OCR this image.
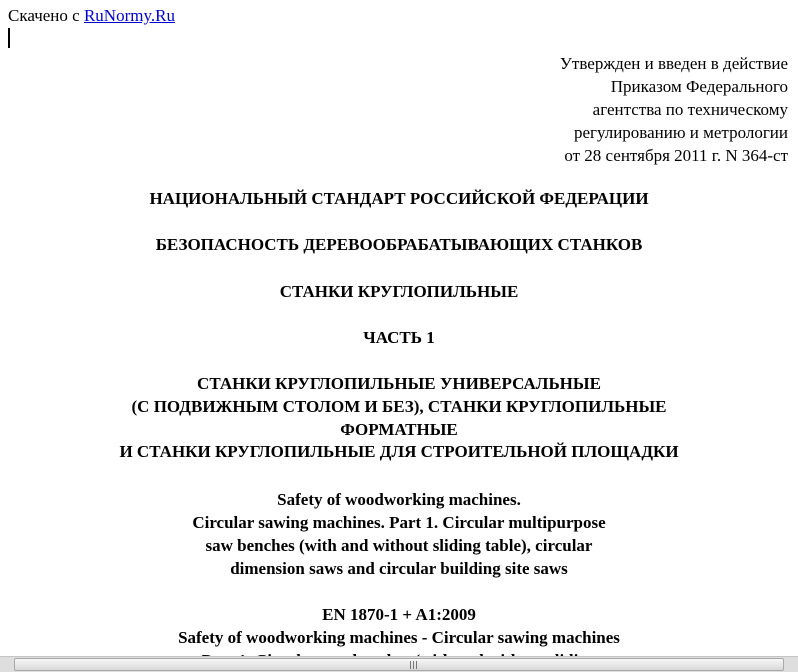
Скачено с RuNormy.Ru
Утвержден и введен в действие
Приказом Федерального
агентства по техническому
регулированию и метрологии
от 28 сентября 2011 г. N 364-ст
НАЦИОНАЛЬНЫЙ СТАНДАРТ РОССИЙСКОЙ ФЕДЕРАЦИИ
БЕЗОПАСНОСТЬ ДЕРЕВООБРАБАТЫВАЮЩИХ СТАНКОВ
СТАНКИ КРУГЛОПИЛЬНЫЕ
ЧАСТЬ 1
СТАНКИ КРУГЛОПИЛЬНЫЕ УНИВЕРСАЛЬНЫЕ
(С ПОДВИЖНЫМ СТОЛОМ И БЕЗ), СТАНКИ КРУГЛОПИЛЬНЫЕ
ФОРМАТНЫЕ
И СТАНКИ КРУГЛОПИЛЬНЫЕ ДЛЯ СТРОИТЕЛЬНОЙ ПЛОЩАДКИ
Safety of woodworking machines.
Circular sawing machines. Part 1. Circular multipurpose
saw benches (with and without sliding table), circular
dimension saws and circular building site saws
EN 1870-1 + A1:2009
Safety of woodworking machines - Circular sawing machines
